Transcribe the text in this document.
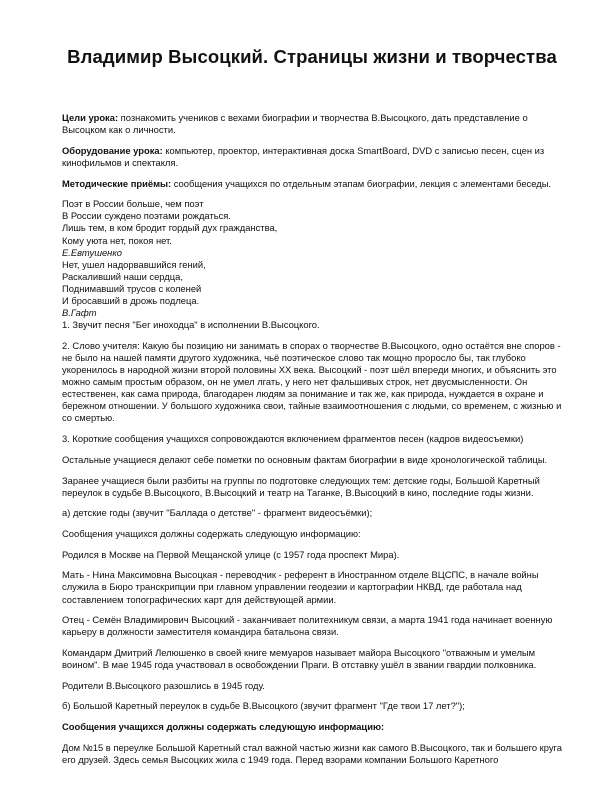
Владимир Высоцкий. Страницы жизни и творчества

Цели урока: познакомить учеников с вехами биографии и творчества В.Высоцкого, дать представление о Высоцком как о личности.

Оборудование урока: компьютер, проектор, интерактивная доска SmartBoard, DVD с записью песен, сцен из кинофильмов и спектакля.

Методические приёмы: сообщения учащихся по отдельным этапам биографии, лекция с элементами беседы.

Поэт в России больше, чем поэт
В России суждено поэтами рождаться.
Лишь тем, в ком бродит гордый дух гражданства,
Кому уюта нет, покоя нет.
Е.Евтушенко
Нет, ушел надорвавшийся гений,
Раскаливший наши сердца,
Поднимавший трусов с коленей
И бросавший в дрожь подлеца.
В.Гафт
1. Звучит песня "Бег иноходца" в исполнении В.Высоцкого.

2. Слово учителя: Какую бы позицию ни занимать в спорах о творчестве В.Высоцкого, одно остаётся вне споров - не было на нашей памяти другого художника, чьё поэтическое слово так мощно проросло бы, так глубоко укоренилось в народной жизни второй половины XX века. Высоцкий - поэт шёл впереди многих, и объяснить это можно самым простым образом, он не умел лгать, у него нет фальшивых строк, нет двусмысленности. Он естественен, как сама природа, благодарен людям за понимание и так же, как природа, нуждается в охране и бережном отношении. У большого художника свои, тайные взаимоотношения с людьми, со временем, с жизнью и со смертью.

3. Короткие сообщения учащихся сопровождаются включением фрагментов песен (кадров видеосъемки)

Остальные учащиеся делают себе пометки по основным фактам биографии в виде хронологической таблицы.

Заранее учащиеся были разбиты на группы по подготовке следующих тем: детские годы, Большой Каретный переулок в судьбе В.Высоцкого, В.Высоцкий и театр на Таганке, В.Высоцкий в кино, последние годы жизни.

а) детские годы (звучит "Баллада о детстве" - фрагмент видеосъёмки);

Сообщения учащихся должны содержать следующую информацию:

Родился в Москве на Первой Мещанской улице (с 1957 года проспект Мира).

Мать - Нина Максимовна Высоцкая - переводчик - референт в Иностранном отделе ВЦСПС, в начале войны служила в Бюро транскрипции при главном управлении геодезии и картографии НКВД, где работала над составлением топографических карт для действующей армии.

Отец - Семён Владимирович Высоцкий - заканчивает политехникум связи, а марта 1941 года начинает военную карьеру в должности заместителя командира батальона связи.

Командарм Дмитрий Лелюшенко в своей книге мемуаров называет майора Высоцкого "отважным и умелым воином". В мае 1945 года участвовал в освобождении Праги. В отставку ушёл в звании гвардии полковника.

Родители В.Высоцкого разошлись в 1945 году.

б) Большой Каретный переулок в судьбе В.Высоцкого (звучит фрагмент "Где твои 17 лет?");

Сообщения учащихся должны содержать следующую информацию:

Дом №15 в переулке Большой Каретный стал важной частью жизни как самого В.Высоцкого, так и большего круга его друзей. Здесь семья Высоцких жила с 1949 года. Перед взорами компании Большого Каретного
